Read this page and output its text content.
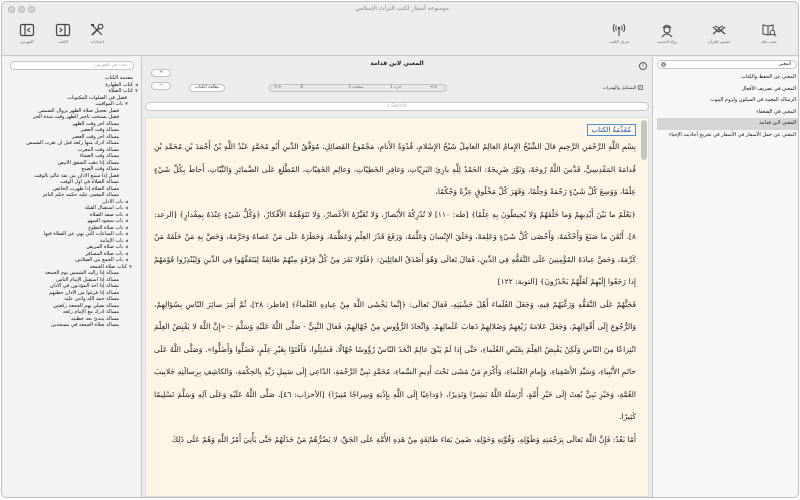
موسوعة أسفار لكتب التراث الإسلامي
الفهرس	الكتب	إعدادات	بحث عام
تفسير القرآن
رواة الحديث
تنزيل الكتب
بحث في الفهرس
مقدمة الكتاب
◀كتاب الطهارة
▼كتاب الصلاة
فصل في الصلوات المكتوبات
▼باب المواقيت
فصل تعجيل صلاة الظهر بزوال الشمس
فصل يستحب تأخير الظهر وقت شدة الحر
مسألة آخر وقت الظهر
مسألة وقت العصر
مسألة آخر وقت العصر
مسألة أدرك منها ركعة قبل أن تغرب الشمس
مسألة وقت المغرب
مسألة وقت العشاء
مسألة إذا ذهب الشفق الأبيض
مسألة وقت الصبح
فصل إذا سمع الأذان من ثقة عالم بالوقت
مسألة الصلاة في أول الوقت
مسألة الصلاة إذا طهرت الحائض
مسألة المغمى عليه حكمه حكم النائم
◀باب الأذان
◀باب استقبال القبلة
◀باب صفة الصلاة
◀باب سجود السهو
◀باب صلاة التطوع
◀باب الساعات التي نهي عن الصلاة فيها
◀باب الإمامة
◀باب صلاة المريض
◀باب صلاة المسافر
◀باب الجمع بين الصلاتين
▼كتاب صلاة الجمعة
مسألة إذا زالت الشمس يوم الجمعة
مسألة إذا استقبل الإمام الناس
مسألة إذا أخذ المؤذنون في الأذان
مسألة إذا فرغوا من الأذان خطبهم
مسألة حمد الله وأثنى عليه
مسألة يصلي بهم الجمعة ركعتين
مسألة أدرك مع الإمام ركعة
مسألة يبتدئ بعد خطبته
مسألة صلاة الجمعة في مسجدين
المغني لابن قدامة	i
+
−	بطاقة الكتاب	>>	3	صفحة 3	جزء 1	<<	✓ التشكيل والهمزات
⌕ Search
مُقَدِّمَةُ الكتاب

بِسْمِ اللَّهِ الرَّحْمَنِ الرَّحِيمِ قالَ الشَّيْخُ الإِمامُ العالِمُ العامِلُ شَيْخُ الإِسْلامِ، قُدْوَةُ الأَنامِ، مَجْمُوعُ الفَضائِلِ، مُوَفَّقُ الدِّينِ أَبُو مُحَمَّدٍ عَبْدُ اللَّهِ بْنُ أَحْمَدَ بْنِ مُحَمَّدِ بْنِ قُدامَةَ المَقْدِسِيُّ، قَدَّسَ اللَّهُ رُوحَهُ، وَنَوَّرَ ضَرِيحَهُ: الحَمْدُ لِلَّهِ بارِئِ البَرِيّاتِ، وَغافِرِ الخَطِيّاتِ، وَعالِمِ الخَفِيّاتِ، المُطَّلِعِ عَلَى الضَّمائِرِ وَالنِّيّاتِ، أَحاطَ بِكُلِّ شَيْءٍ عِلْمًا، وَوَسِعَ كُلَّ شَيْءٍ رَحْمَةً وَحِلْمًا، وَقَهَرَ كُلَّ مَخْلُوقٍ عِزَّةً وَحُكْمًا،

﴿يَعْلَمُ ما بَيْنَ أَيْدِيهِمْ وَما خَلْفَهُمْ وَلا يُحِيطُونَ بِهِ عِلْمًا﴾ [طه: ١١٠] لا تُدْرِكُهُ الأَبْصارُ، وَلا تُغَيِّرُهُ الأَعْصارُ، وَلا تَتَوَهَّمُهُ الأَفْكارُ، ﴿وَكُلُّ شَيْءٍ عِنْدَهُ بِمِقْدارٍ﴾ [الرعد: ٨]. أَتْقَنَ ما صَنَعَ وَأَحْكَمَهُ، وَأَحْصَى كُلَّ شَيْءٍ وَعَلِمَهُ، وَخَلَقَ الإِنْسانَ وَعَلَّمَهُ، وَرَفَعَ قَدْرَ العِلْمِ وَعَظَّمَهُ، وَحَظَرَهُ عَلَى مَنْ عَصاهُ وَحَرَّمَهُ، وَخَصَّ بِهِ مَنْ خَلَقَهُ مَنْ كَرَّمَهُ، وَحَضَّ عِبادَهُ المُؤْمِنِينَ عَلَى التَّفَقُّهِ فِي الدِّينِ، فَقالَ تَعالَى وَهُوَ أَصْدَقُ القائِلِينَ: ﴿فَلَوْلا نَفَرَ مِنْ كُلِّ فِرْقَةٍ مِنْهُمْ طائِفَةٌ لِيَتَفَقَّهُوا فِي الدِّينِ وَلِيُنْذِرُوا قَوْمَهُمْ إِذا رَجَعُوا إِلَيْهِمْ لَعَلَّهُمْ يَحْذَرُونَ﴾ [التوبة: ١٢٢]

فَحَثَّهُمْ عَلَى التَّفَقُّهِ وَرَغَّبَهُمْ فِيهِ، وَجَعَلَ العُلَماءَ أَهْلَ خَشْيَتِهِ، فَقالَ تَعالَى: ﴿إِنَّما يَخْشَى اللَّهَ مِنْ عِبادِهِ العُلَماءُ﴾ [فاطر: ٢٨]، ثُمَّ أَمَرَ سائِرَ النّاسِ بِسُؤالِهِمْ، وَالرُّجُوعِ إِلَى أَقْوالِهِمْ، وَجَعَلَ عَلامَةَ زَيْغِهِمْ وَضَلالِهِمْ ذَهابَ عُلَمائِهِمْ، وَاتِّخاذَ الرُّؤُوسِ مِنْ جُهّالِهِمْ، فَقالَ النَّبِيُّ - صَلَّى اللَّهُ عَلَيْهِ وَسَلَّمَ -: «إِنَّ اللَّهَ لا يَقْبِضُ العِلْمَ انْتِزاعًا مِنَ النّاسِ وَلَكِنْ يَقْبِضُ العِلْمَ بِقَبْضِ العُلَماءِ، حَتَّى إِذا لَمْ يَبْقَ عالِمٌ اتَّخَذَ النّاسُ رُؤُوسًا جُهّالًا، فَسُئِلُوا، فَأَفْتَوْا بِغَيْرِ عِلْمٍ، فَضَلُّوا وَأَضَلُّوا». وَصَلَّى اللَّهُ عَلَى خاتَمِ الأَنْبِياءِ، وَسَيِّدِ الأَصْفِياءِ، وَإِمامِ العُلَماءِ، وَأَكْرَمِ مَنْ مَشَى تَحْتَ أَدِيمِ السَّماءِ، مُحَمَّدٍ نَبِيِّ الرَّحْمَةِ، الدّاعِي إِلَى سَبِيلِ رَبِّهِ بِالحِكْمَةِ، وَالكاشِفِ بِرِسالَتِهِ جَلابِيبَ الغُمَّةِ، وَخَيْرِ نَبِيٍّ بُعِثَ إِلَى خَيْرِ أُمَّةٍ، أَرْسَلَهُ اللَّهُ بَشِيرًا وَنَذِيرًا، ﴿وَداعِيًا إِلَى اللَّهِ بِإِذْنِهِ وَسِراجًا مُنِيرًا﴾ [الأحزاب: ٤٦]، صَلَّى اللَّهُ عَلَيْهِ وَعَلَى آلِهِ وَسَلَّمَ تَسْلِيمًا كَثِيرًا.

أَمّا بَعْدُ: فَإِنَّ اللَّهَ تَعالَى بِرَحْمَتِهِ وَطَوْلِهِ، وَقُوَّتِهِ وَحَوْلِهِ، ضَمِنَ بَقاءَ طائِفَةٍ مِنْ هَذِهِ الأُمَّةِ عَلَى الحَقِّ، لا يَضُرُّهُمْ مَنْ خَذَلَهُمْ حَتَّى يَأْتِيَ أَمْرُ اللَّهِ وَهُمْ عَلَى ذَلِكَ

المغني
×
المغني عن الحفظ والكتاب
المغني في تصريف الأفعال
الرسالة المغنية في السكون ولزوم البيوت
المغني في الضعفاء
المغني لابن قدامة
المغني عن حمل الأسفار في الأسفار في تخريج أحاديث الإحياء
